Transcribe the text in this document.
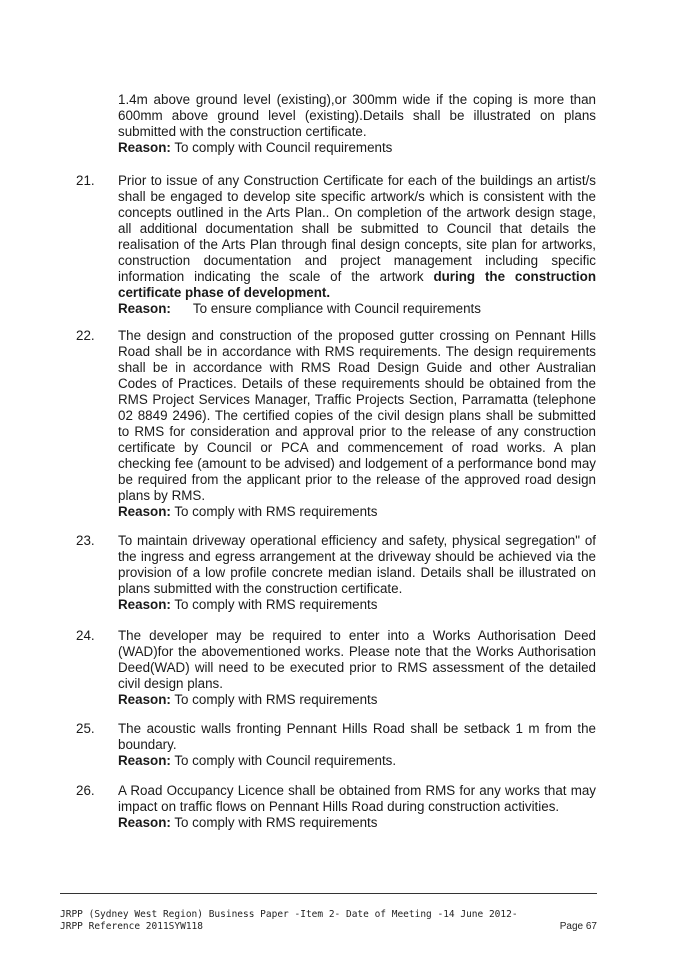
1.4m above ground level (existing),or 300mm wide if the coping is more than 600mm above ground level (existing).Details shall be illustrated on plans submitted with the construction certificate.

Reason: To comply with Council requirements

21.	Prior to issue of any Construction Certificate for each of the buildings an artist/s shall be engaged to develop site specific artwork/s which is consistent with the concepts outlined in the Arts Plan.. On completion of the artwork design stage, all additional documentation shall be submitted to Council that details the realisation of the Arts Plan through final design concepts, site plan for artworks, construction documentation and project management including specific information indicating the scale of the artwork during the construction certificate phase of development.

Reason:      To ensure compliance with Council requirements

22.	The design and construction of the proposed gutter crossing on Pennant Hills Road shall be in accordance with RMS requirements. The design requirements shall be in accordance with RMS Road Design Guide and other Australian Codes of Practices. Details of these requirements should be obtained from the RMS Project Services Manager, Traffic Projects Section, Parramatta (telephone 02 8849 2496). The certified copies of the civil design plans shall be submitted to RMS for consideration and approval prior to the release of any construction certificate by Council or PCA and commencement of road works. A plan checking fee (amount to be advised) and lodgement of a performance bond may be required from the applicant prior to the release of the approved road design plans by RMS.

Reason: To comply with RMS requirements

23.	To maintain driveway operational efficiency and safety, physical segregation" of the ingress and egress arrangement at the driveway should be achieved via the provision of a low profile concrete median island. Details shall be illustrated on plans submitted with the construction certificate.

Reason: To comply with RMS requirements

24.	The developer may be required to enter into a Works Authorisation Deed (WAD)for the abovementioned works. Please note that the Works Authorisation Deed(WAD) will need to be executed prior to RMS assessment of the detailed civil design plans.

Reason: To comply with RMS requirements

25.	The acoustic walls fronting Pennant Hills Road shall be setback 1 m from the boundary.

Reason: To comply with Council requirements.

26.	A Road Occupancy Licence shall be obtained from RMS for any works that may impact on traffic flows on Pennant Hills Road during construction activities.

Reason: To comply with RMS requirements

JRPP (Sydney West Region) Business Paper -Item 2- Date of Meeting -14 June 2012-
JRPP Reference 2011SYW118	Page 67
